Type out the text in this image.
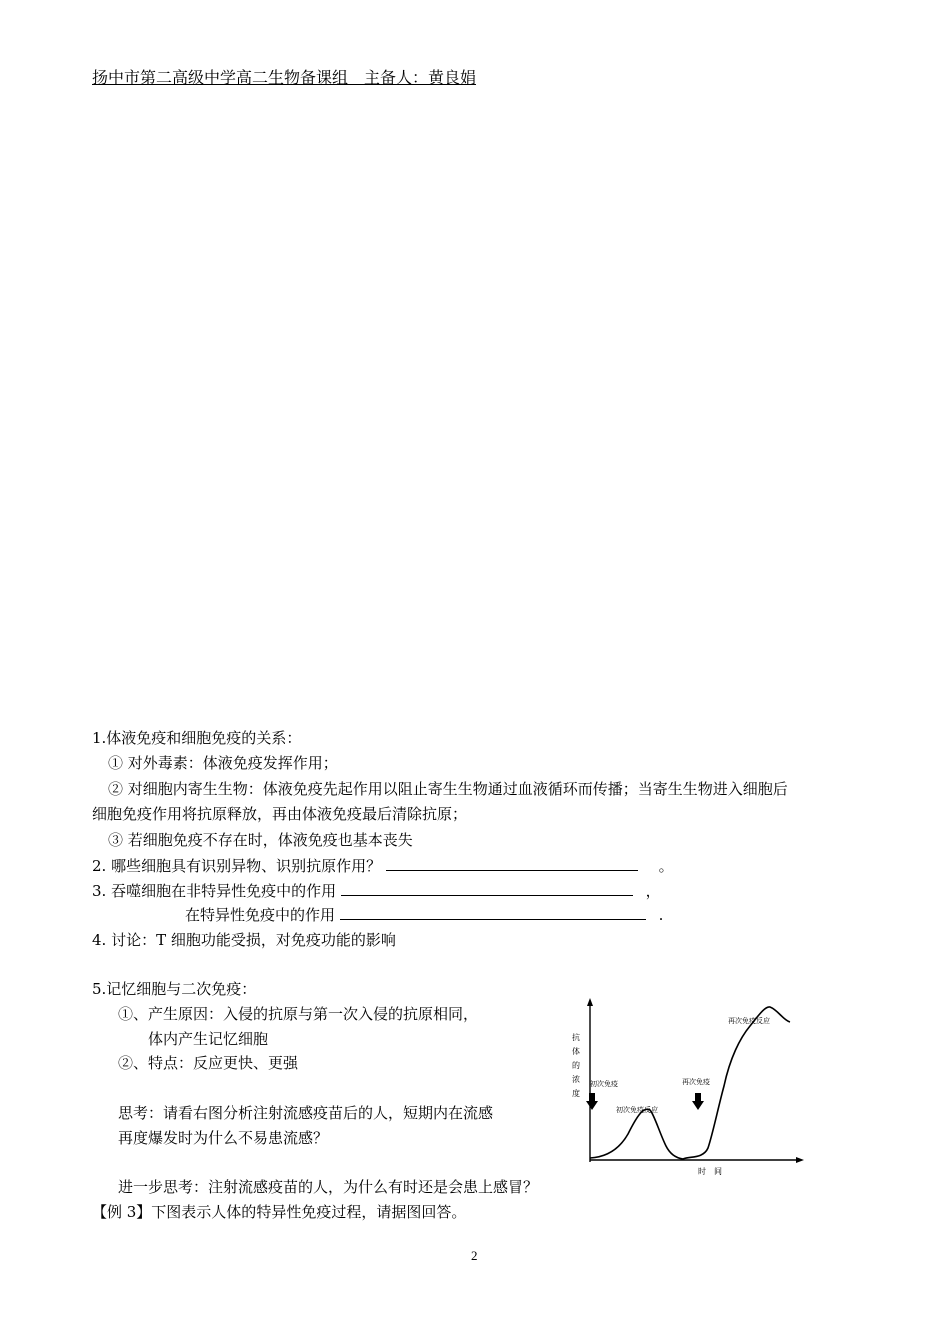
扬中市第二高级中学高二生物备课组　主备人：黄良娟
1.体液免疫和细胞免疫的关系：
① 对外毒素：体液免疫发挥作用；
② 对细胞内寄生生物：体液免疫先起作用以阻止寄生生物通过血液循环而传播；当寄生生物进入细胞后
细胞免疫作用将抗原释放，再由体液免疫最后清除抗原；
③ 若细胞免疫不存在时，体液免疫也基本丧失
2. 哪些细胞具有识别异物、识别抗原作用？	。
3. 吞噬细胞在非特异性免疫中的作用	，
在特异性免疫中的作用	.
4. 讨论：T 细胞功能受损，对免疫功能的影响
5.记忆细胞与二次免疫：
①、产生原因：入侵的抗原与第一次入侵的抗原相同，
体内产生记忆细胞
②、特点：反应更快、更强
思考：请看右图分析注射流感疫苗后的人，短期内在流感
再度爆发时为什么不易患流感？
进一步思考：注射流感疫苗的人，为什么有时还是会患上感冒？
【例 3】下图表示人体的特异性免疫过程，请据图回答。
抗
体
的
浓
度
初次免疫
初次免疫反应
再次免疫
再次免疫反应
时　间
2
